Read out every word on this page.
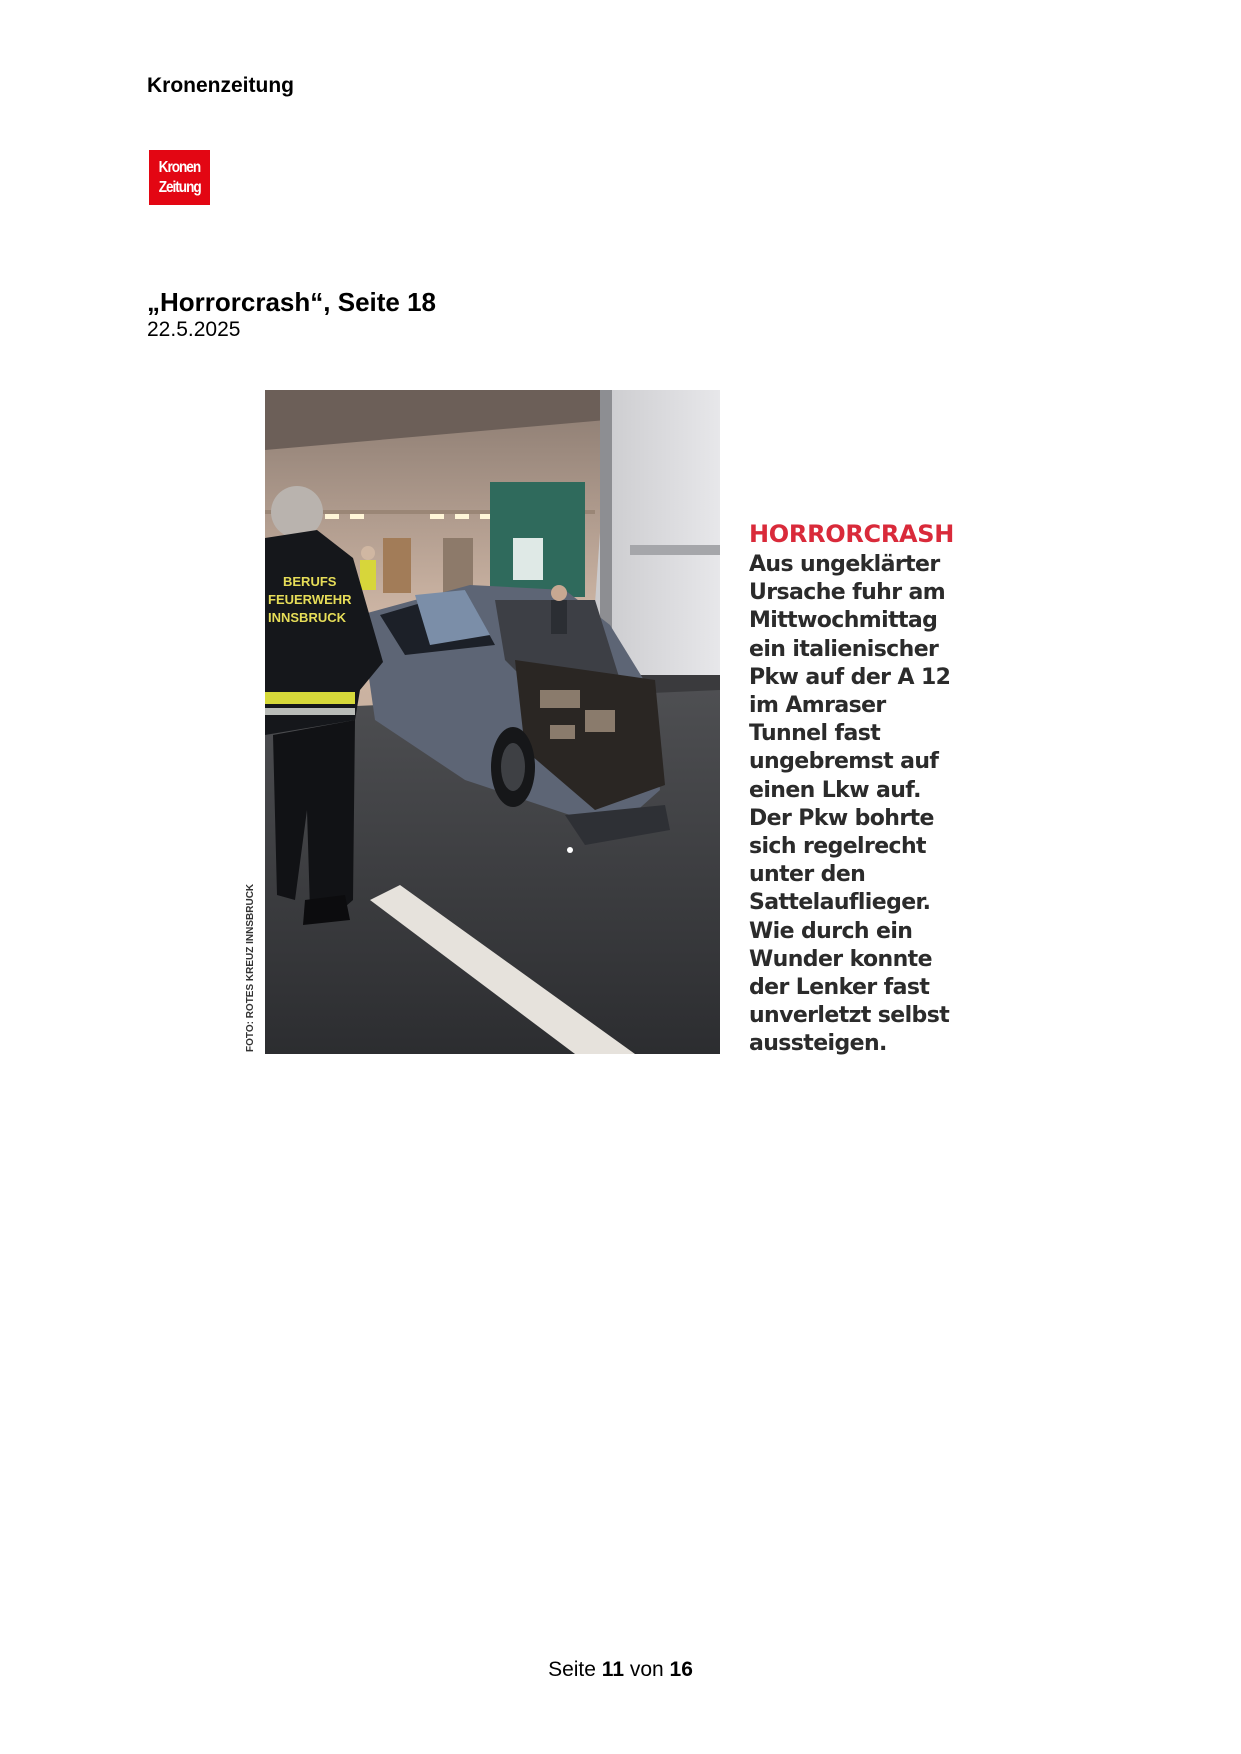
Kronenzeitung
Kronen
Zeitung
„Horrorcrash“, Seite 18
22.5.2025
BERUFS
FEUERWEHR
INNSBRUCK
FOTO: ROTES KREUZ INNSBRUCK
HORRORCRASH
Aus ungeklärter
Ursache fuhr am
Mittwochmittag
ein italienischer
Pkw auf der A 12
im Amraser
Tunnel fast
ungebremst auf
einen Lkw auf.
Der Pkw bohrte
sich regelrecht
unter den
Sattelauflieger.
Wie durch ein
Wunder konnte
der Lenker fast
unverletzt selbst
aussteigen.
Seite 11 von 16
